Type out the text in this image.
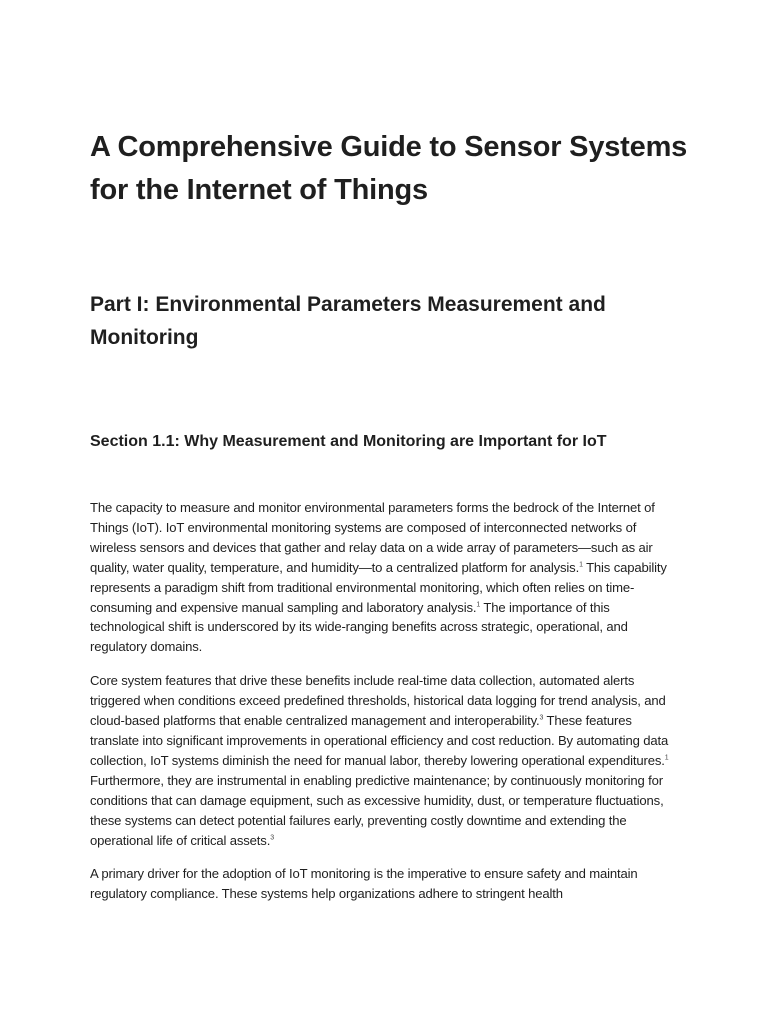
A Comprehensive Guide to Sensor Systems for the Internet of Things
Part I: Environmental Parameters Measurement and Monitoring
Section 1.1: Why Measurement and Monitoring are Important for IoT

The capacity to measure and monitor environmental parameters forms the bedrock of the Internet of Things (IoT). IoT environmental monitoring systems are composed of interconnected networks of wireless sensors and devices that gather and relay data on a wide array of parameters—such as air quality, water quality, temperature, and humidity—to a centralized platform for analysis.$^1$ This capability represents a paradigm shift from traditional environmental monitoring, which often relies on time-consuming and expensive manual sampling and laboratory analysis.$^1$ The importance of this technological shift is underscored by its wide-ranging benefits across strategic, operational, and regulatory domains.

Core system features that drive these benefits include real-time data collection, automated alerts triggered when conditions exceed predefined thresholds, historical data logging for trend analysis, and cloud-based platforms that enable centralized management and interoperability.$^3$ These features translate into significant improvements in operational efficiency and cost reduction. By automating data collection, IoT systems diminish the need for manual labor, thereby lowering operational expenditures.$^1$ Furthermore, they are instrumental in enabling predictive maintenance; by continuously monitoring for conditions that can damage equipment, such as excessive humidity, dust, or temperature fluctuations, these systems can detect potential failures early, preventing costly downtime and extending the operational life of critical assets.$^3$

A primary driver for the adoption of IoT monitoring is the imperative to ensure safety and maintain regulatory compliance. These systems help organizations adhere to stringent health
